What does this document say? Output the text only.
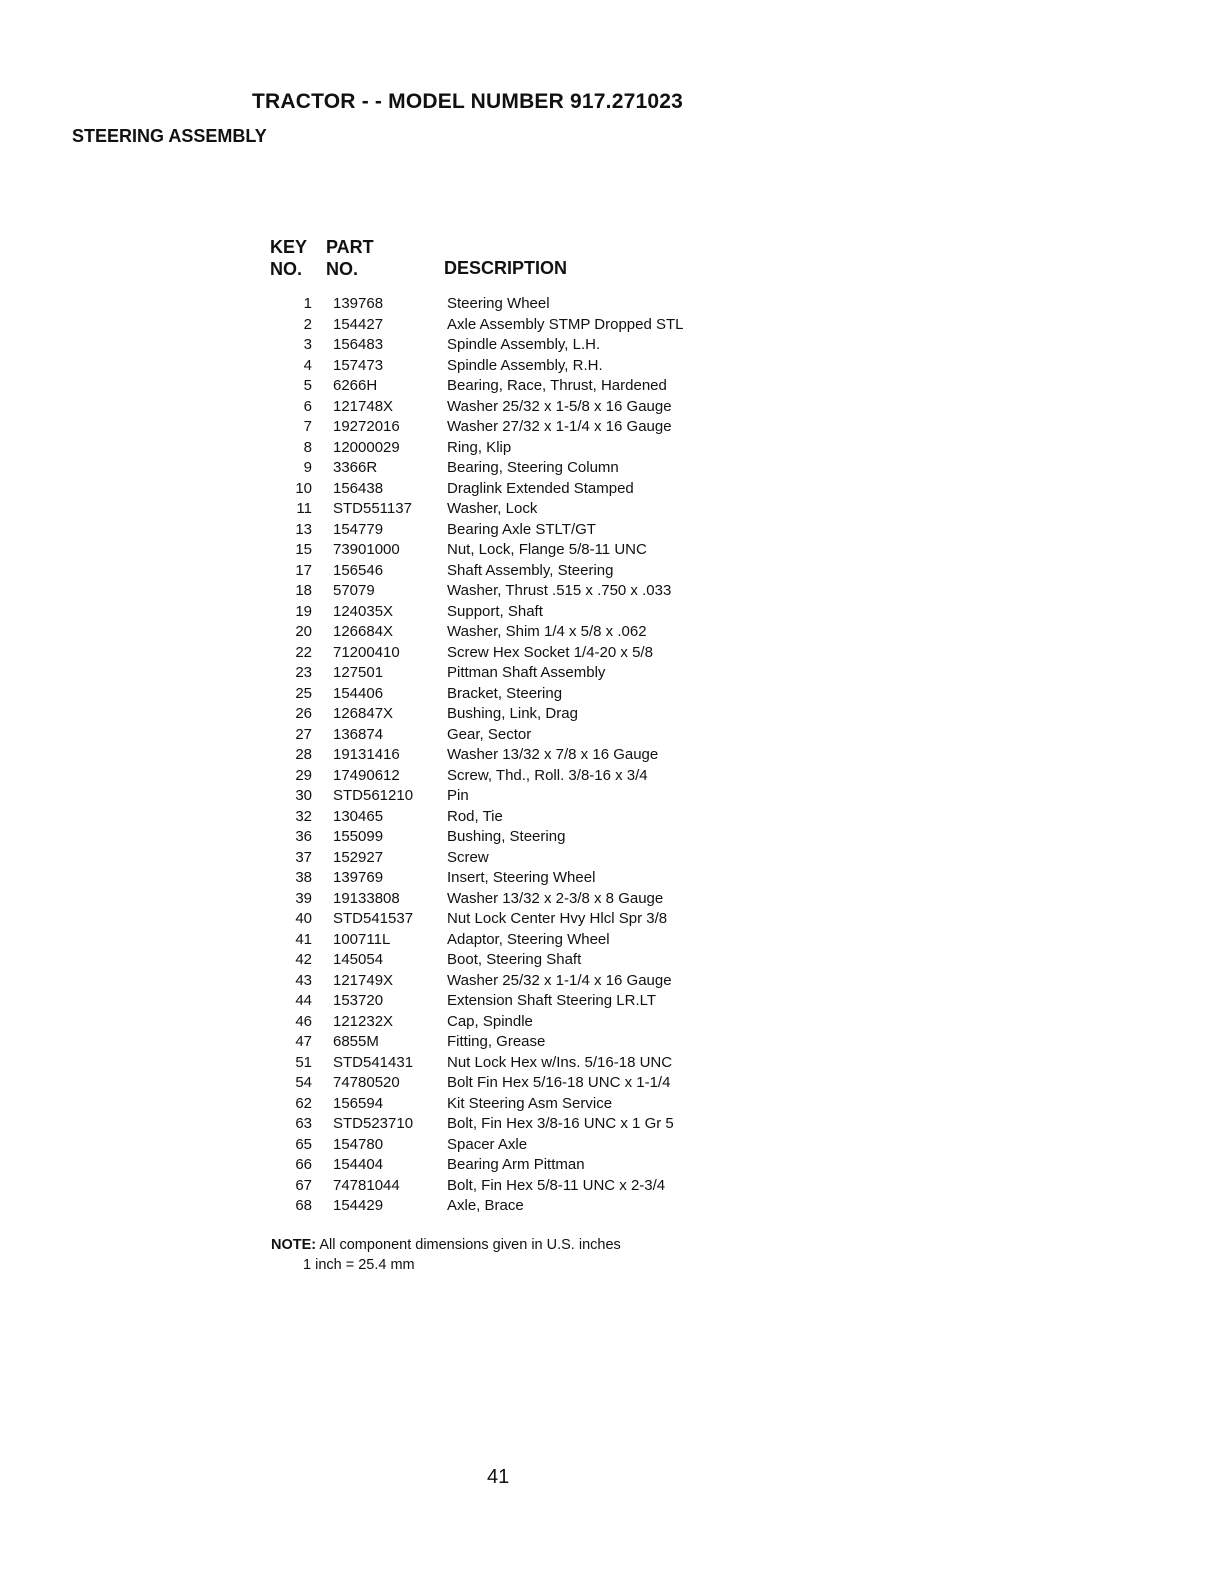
TRACTOR - - MODEL NUMBER 917.271023
STEERING ASSEMBLY
KEY
NO.
PART
NO.	DESCRIPTION
1 139768	Steering Wheel
2 154427	Axle Assembly STMP Dropped STL
3 156483	Spindle Assembly, L.H.
4 157473	Spindle Assembly, R.H.
5 6266H	Bearing, Race, Thrust, Hardened
6 121748X	Washer 25/32 x 1-5/8 x 16 Gauge
7 19272016	Washer 27/32 x 1-1/4 x 16 Gauge
8 12000029	Ring, Klip
9 3366R	Bearing, Steering Column
10 156438	Draglink Extended Stamped
11 STD551137 Washer, Lock
13 154779	Bearing Axle STLT/GT
15 73901000	Nut, Lock, Flange 5/8-11 UNC
17 156546	Shaft Assembly, Steering
18 57079	Washer, Thrust .515 x .750 x .033
19 124035X	Support, Shaft
20 126684X	Washer, Shim 1/4 x 5/8 x .062
22 71200410	Screw Hex Socket 1/4-20 x 5/8
23 127501	Pittman Shaft Assembly
25 154406	Bracket, Steering
26 126847X	Bushing, Link, Drag
27 136874	Gear, Sector
28 19131416	Washer 13/32 x 7/8 x 16 Gauge
29 17490612	Screw, Thd., Roll. 3/8-16 x 3/4
30 STD561210 Pin
32 130465	Rod, Tie
36 155099	Bushing, Steering
37 152927	Screw
38 139769	Insert, Steering Wheel
39 19133808	Washer 13/32 x 2-3/8 x 8 Gauge
40 STD541537 Nut Lock Center Hvy Hlcl Spr 3/8
41 100711L	Adaptor, Steering Wheel
42 145054	Boot, Steering Shaft
43 121749X	Washer 25/32 x 1-1/4 x 16 Gauge
44 153720	Extension Shaft Steering LR.LT
46 121232X	Cap, Spindle
47 6855M	Fitting, Grease
51 STD541431 Nut Lock Hex w/Ins. 5/16-18 UNC
54 74780520	Bolt Fin Hex 5/16-18 UNC x 1-1/4
62 156594	Kit Steering Asm Service
63 STD523710 Bolt, Fin Hex 3/8-16 UNC x 1 Gr 5
65 154780	Spacer Axle
66 154404	Bearing Arm Pittman
67 74781044	Bolt, Fin Hex 5/8-11 UNC x 2-3/4
68 154429	Axle, Brace
NOTE: All component dimensions given in U.S. inches
1 inch = 25.4 mm
41
